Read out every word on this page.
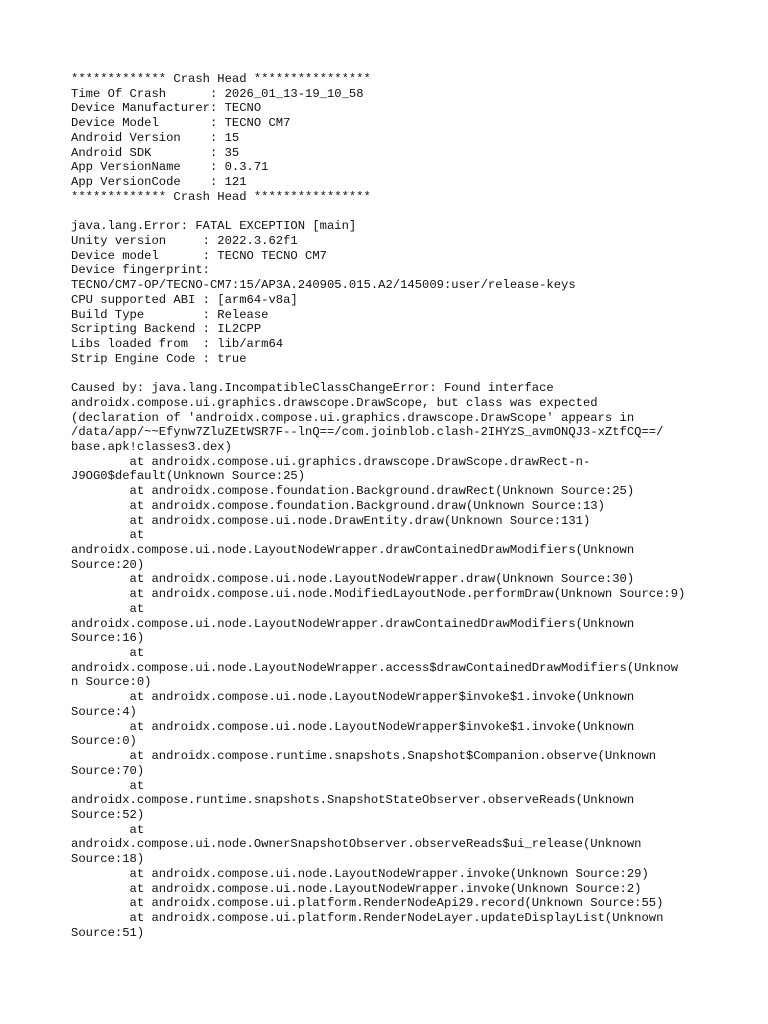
************* Crash Head ****************
Time Of Crash      : 2026_01_13-19_10_58
Device Manufacturer: TECNO
Device Model       : TECNO CM7
Android Version    : 15
Android SDK        : 35
App VersionName    : 0.3.71
App VersionCode    : 121
************* Crash Head ****************
java.lang.Error: FATAL EXCEPTION [main]
Unity version     : 2022.3.62f1
Device model      : TECNO TECNO CM7
Device fingerprint:
TECNO/CM7-OP/TECNO-CM7:15/AP3A.240905.015.A2/145009:user/release-keys
CPU supported ABI : [arm64-v8a]
Build Type        : Release
Scripting Backend : IL2CPP
Libs loaded from  : lib/arm64
Strip Engine Code : true
Caused by: java.lang.IncompatibleClassChangeError: Found interface
androidx.compose.ui.graphics.drawscope.DrawScope, but class was expected
(declaration of 'androidx.compose.ui.graphics.drawscope.DrawScope' appears in
/data/app/~~Efynw7ZluZEtWSR7F--lnQ==/com.joinblob.clash-2IHYzS_avmONQJ3-xZtfCQ==/
base.apk!classes3.dex)
at androidx.compose.ui.graphics.drawscope.DrawScope.drawRect-n-
J9OG0$default(Unknown Source:25)
at androidx.compose.foundation.Background.drawRect(Unknown Source:25)
at androidx.compose.foundation.Background.draw(Unknown Source:13)
at androidx.compose.ui.node.DrawEntity.draw(Unknown Source:131)
at
androidx.compose.ui.node.LayoutNodeWrapper.drawContainedDrawModifiers(Unknown
Source:20)
at androidx.compose.ui.node.LayoutNodeWrapper.draw(Unknown Source:30)
at androidx.compose.ui.node.ModifiedLayoutNode.performDraw(Unknown Source:9)
at
androidx.compose.ui.node.LayoutNodeWrapper.drawContainedDrawModifiers(Unknown
Source:16)
at
androidx.compose.ui.node.LayoutNodeWrapper.access$drawContainedDrawModifiers(Unknow
n Source:0)
at androidx.compose.ui.node.LayoutNodeWrapper$invoke$1.invoke(Unknown
Source:4)
at androidx.compose.ui.node.LayoutNodeWrapper$invoke$1.invoke(Unknown
Source:0)
at androidx.compose.runtime.snapshots.Snapshot$Companion.observe(Unknown
Source:70)
at
androidx.compose.runtime.snapshots.SnapshotStateObserver.observeReads(Unknown
Source:52)
at
androidx.compose.ui.node.OwnerSnapshotObserver.observeReads$ui_release(Unknown
Source:18)
at androidx.compose.ui.node.LayoutNodeWrapper.invoke(Unknown Source:29)
at androidx.compose.ui.node.LayoutNodeWrapper.invoke(Unknown Source:2)
at androidx.compose.ui.platform.RenderNodeApi29.record(Unknown Source:55)
at androidx.compose.ui.platform.RenderNodeLayer.updateDisplayList(Unknown
Source:51)
